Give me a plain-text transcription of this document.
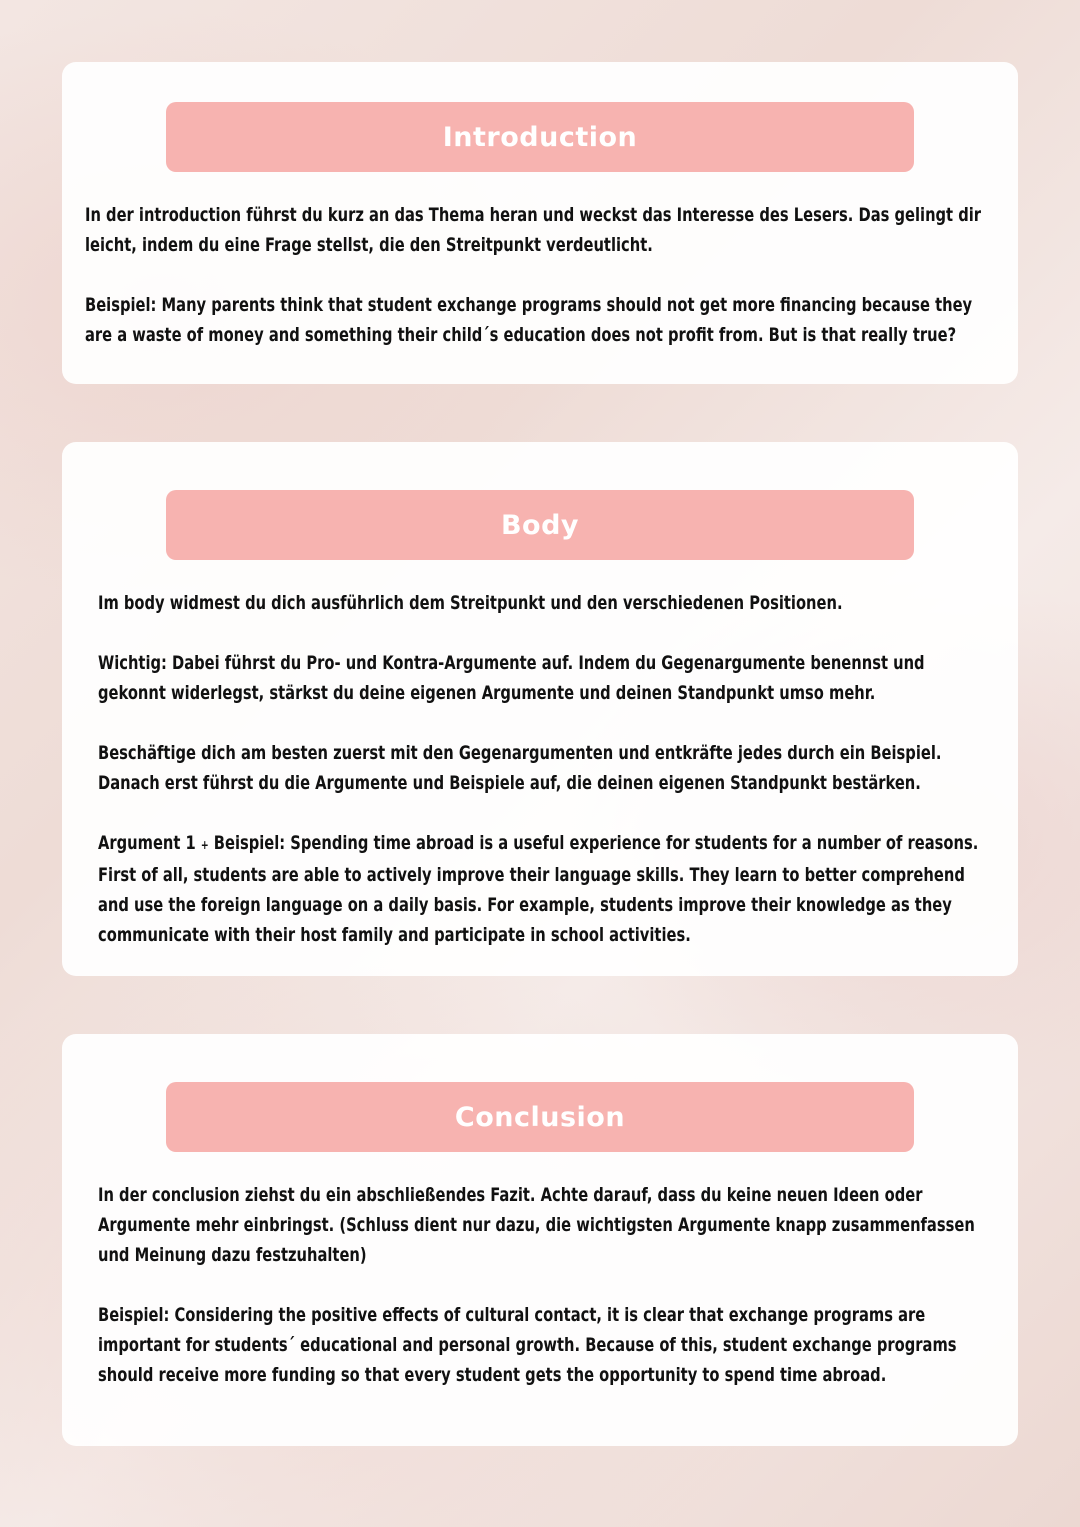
Introduction

In der introduction führst du kurz an das Thema heran und weckst das Interesse des Lesers. Das gelingt dir
leicht, indem du eine Frage stellst, die den Streitpunkt verdeutlicht.

Beispiel: Many parents think that student exchange programs should not get more financing because they
are a waste of money and something their child´s education does not profit from. But is that really true?

Body

Im body widmest du dich ausführlich dem Streitpunkt und den verschiedenen Positionen.

Wichtig: Dabei führst du Pro- und Kontra-Argumente auf. Indem du Gegenargumente benennst und
gekonnt widerlegst, stärkst du deine eigenen Argumente und deinen Standpunkt umso mehr.

Beschäftige dich am besten zuerst mit den Gegenargumenten und entkräfte jedes durch ein Beispiel.
Danach erst führst du die Argumente und Beispiele auf, die deinen eigenen Standpunkt bestärken.

Argument 1 + Beispiel: Spending time abroad is a useful experience for students for a number of reasons.
First of all, students are able to actively improve their language skills. They learn to better comprehend
and use the foreign language on a daily basis. For example, students improve their knowledge as they
communicate with their host family and participate in school activities.

Conclusion

In der conclusion ziehst du ein abschließendes Fazit. Achte darauf, dass du keine neuen Ideen oder
Argumente mehr einbringst. (Schluss dient nur dazu, die wichtigsten Argumente knapp zusammenfassen
und Meinung dazu festzuhalten)

Beispiel: Considering the positive effects of cultural contact, it is clear that exchange programs are
important for students´ educational and personal growth. Because of this, student exchange programs
should receive more funding so that every student gets the opportunity to spend time abroad.
